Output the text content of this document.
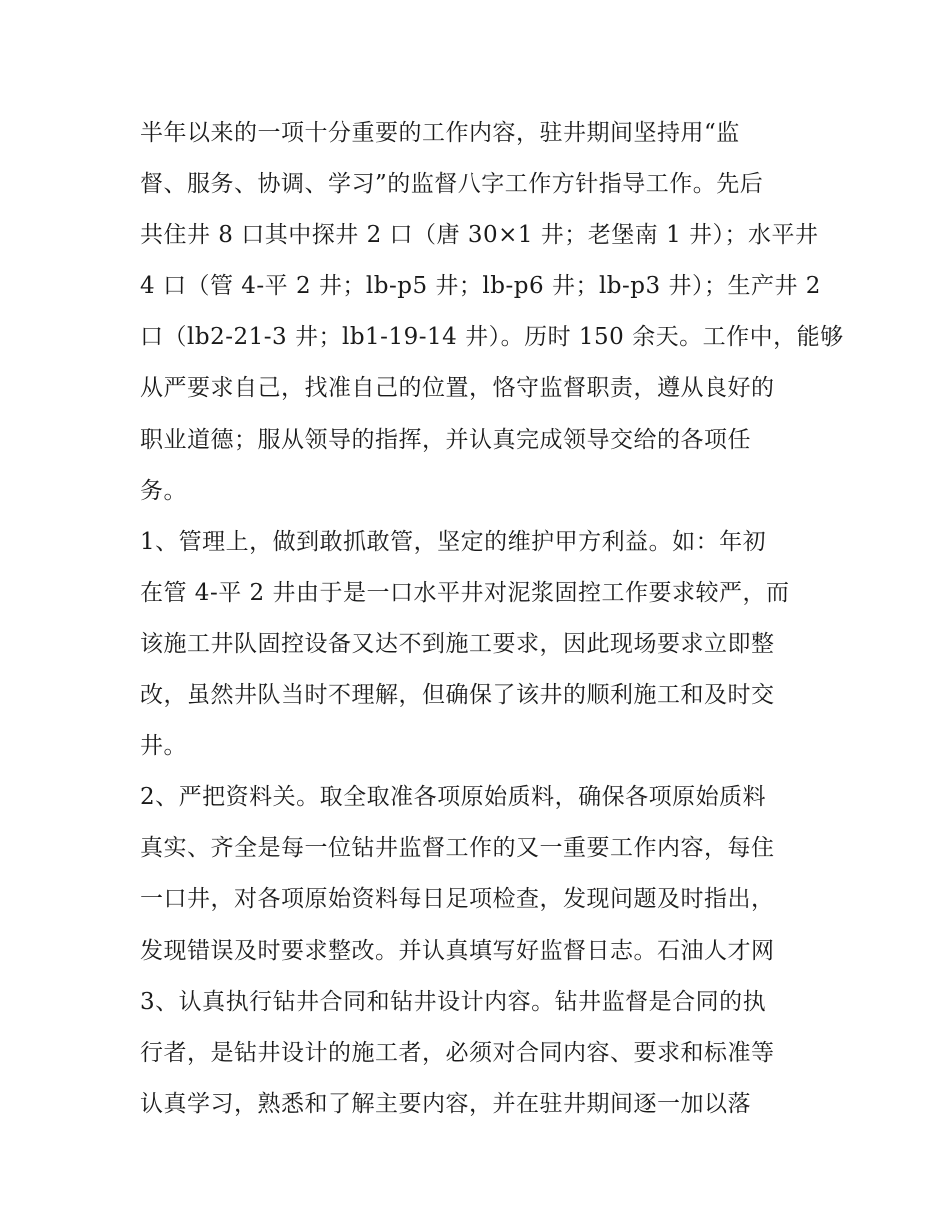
半年以来的一项十分重要的工作内容，驻井期间坚持用“监
督、服务、协调、学习”的监督八字工作方针指导工作。先后
共住井 8 口其中探井 2 口（唐 30×1 井；老堡南 1 井）；水平井
4 口（管 4-平 2 井；lb-p5 井；lb-p6 井；lb-p3 井）；生产井 2
口（lb2-21-3 井；lb1-19-14 井）。历时 150 余天。工作中，能够
从严要求自己，找准自己的位置，恪守监督职责，遵从良好的
职业道德；服从领导的指挥，并认真完成领导交给的各项任
务。
1、管理上，做到敢抓敢管，坚定的维护甲方利益。如：年初
在管 4-平 2 井由于是一口水平井对泥浆固控工作要求较严，而
该施工井队固控设备又达不到施工要求，因此现场要求立即整
改，虽然井队当时不理解，但确保了该井的顺利施工和及时交
井。
2、严把资料关。取全取准各项原始质料，确保各项原始质料
真实、齐全是每一位钻井监督工作的又一重要工作内容，每住
一口井，对各项原始资料每日足项检查，发现问题及时指出，
发现错误及时要求整改。并认真填写好监督日志。石油人才网
3、认真执行钻井合同和钻井设计内容。钻井监督是合同的执
行者，是钻井设计的施工者，必须对合同内容、要求和标准等
认真学习，熟悉和了解主要内容，并在驻井期间逐一加以落
